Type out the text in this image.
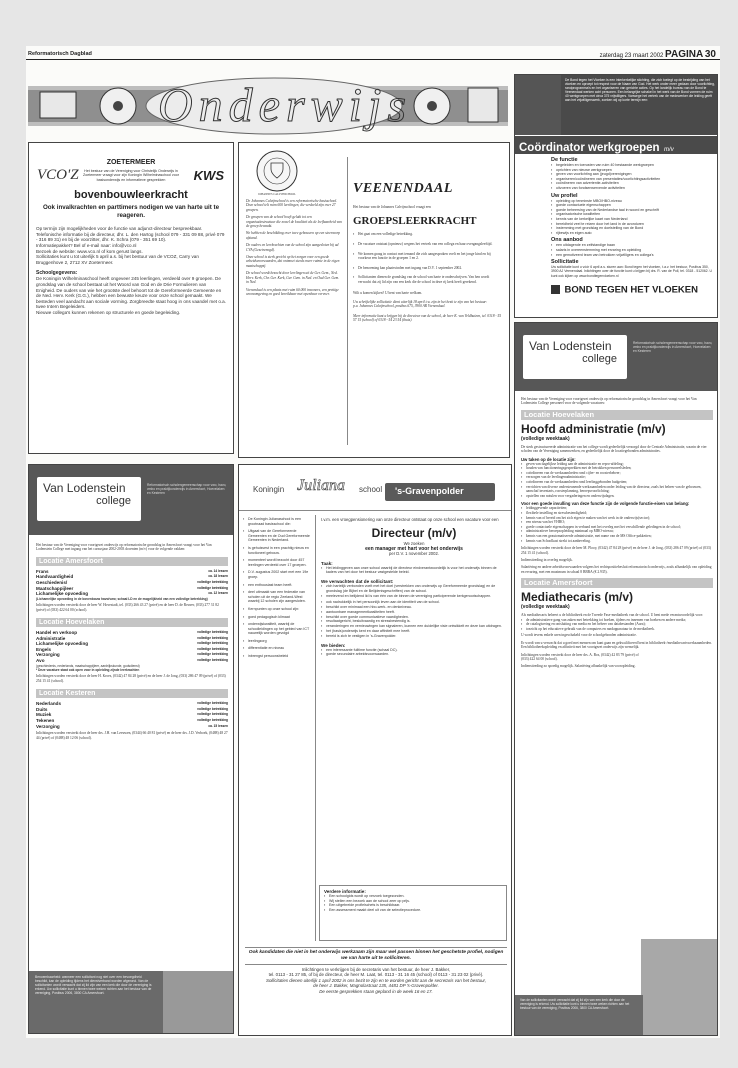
Reformatorisch Dagblad	zaterdag 23 maart 2002 PAGINA 30
Onderwijs
VCO'Z	KWS
ZOETERMEER
Het bestuur van de Vereniging voor Christelijk Onderwijs in Zoetermeer vraagt voor zijn Koningin Wilhelminaschool voor basisonderwijs en informatieve gesprekken
bovenbouwleerkracht
Ook invalkrachten en parttimers nodigen we van harte uit te reageren.
Op termijn zijn mogelijkheden voor de functie van adjunct-directeur bespreekbaar.
Telefonische informatie bij de directeur, dhr. L. den Hartog (school 079 - 331 09 88, privé 079 - 316 89 31) en bij de voorzitter, dhr. K. Schra (079 - 351 69 10).
Informatiepakket? Bel of e-mail naar: info@vco.nl
Bezoek de website: www.vco.nl of kom gerust langs.
Sollicitaties kunt u tot uiterlijk 5 april a.s. bij het bestuur van de VCOZ, Carry van Bruggenhove 2, 2712 XV Zoetermeer.
Schoolgegevens:
De Koningin Wilhelminaschool heeft ongeveer 245 leerlingen, verdeeld over 9 groepen. De grondslag van de school bestaat uit het Woord van God en de Drie Formulieren van Enigheid. De ouders van wie het grootste deel behoort tot de Gereformeerde Gemeente en de Ned. Herv. Kerk (G.G.), hebben een bewuste keuze voor onze school gemaakt. We besteden veel aandacht aan sociale vorming. Zorgbreedte staat hoog in ons vaandel met o.a. twee Intern Begeleiders.
Nieuwe collega's kunnen rekenen op structurele en goede begeleiding.
JOHANNES CALVIJNSCHOOL
De Johannes Calvijnschool is een reformatorische basisschool. Deze school telt ruim 600 leerlingen, die verdeeld zijn over 27 groepen.
De groepen van de school hoeft gelukt tot een organisatiestructuur die zowel de kwaliteit als de leefbaarheid van de groep bewaakt.
We hebben de beschikking over twee gebouwen op een steenworp afstand.
De ouders en leerkrachten van de school zijn aangesloten bij ad CVA (Gezetrenogd).
Onze school is sterk gericht op het zorgen voor een goede arbeidsvoorwaarden, dat ontmoet steeds meer ruimte in de eigen maatschappij.
De school wordt bezocht door leerlingen uit de Ger. Gem., Ned. Herv. Kerk, Chr. Ger. Kerk, Ger. Gem. in Ned. en Oud Ger. Gem. in Ned.
Veenendaal is een plaats met ruim 60.000 inwoners, een prettige woonomgeving en goed bereikbaar met openbaar vervoer.
VEENENDAAL
Het bestuur van de Johannes Calvijnschool vraagt een
GROEPSLEERKRACHT
▪ Het gaat om een volledige betrekking.
▪ De vacature ontstaat (opnieuw) wegens het vertrek van een collega en haar overgangsleeftijd.
▪ We komen graag in contact met iemand die zich aangesproken voelt en het jonge kind en bij voorkeur een functie in de groepen 1 en 2.
▪ De benoeming kan plaatsvinden met ingang van D.V. 1 september 2002.
▪ Sollicitanten dienen de grondslag van de school van harte te onderschrijven. Van hen wordt verwacht dat zij lid zijn van een kerk die de school in deze rij kerk heeft gerekend.
Wilt u komen kijken? U bent van harte welkom.
Uw schriftelijke sollicitatie dient uiterlijk 18 april t.w. zijn in het bezit te zijn van het bestuur:
p.a. Johannes Calvijnschool, postbus 675, 3900 AR Veenendaal.
Meer informatie kunt u krijgen bij de directeur van de school, de heer K. van Veldhuizen, tel. 0318 - 55 57 15 (school) of 0318 - 54 23 54 (thuis).
De Bond tegen het Vloeken is een interkerkelijke stichting, die zich toelegt op de bestrijding van het vloeken en oproept tot respect voor de Naam van God. Het werk onder meer gedaan door voorlichting, randprogramma's en het organiseren van gerichte acties. Op het landelijk bureau van de Bond te Veenendaal werken acht personen. Een belangrijke schakel in het werk van de Bond vormen de ruim 40 werkgroepen met circa 375 vrijwilligers. Vanwege het vertrek van de medewerker die leiding geeft aan het vrijwilligerswerk, zoeken wij op korte termijn een:
Coördinator werkgroepen m/v
De functie
▪ begeleiden en toerusten van ruim 40 bestaande werkgroepen
▪ oprichten van nieuwe werkgroepen
▪ geven van voorlichting aan (jeugd)verenigingen
▪ organiseren/coördineren van presentaties/voorlichtingsactiviteiten
▪ coördineren van advertentie-activiteiten
▪ uitvoeren van fondsenwervende activiteiten
Uw profiel
▪ opleiding op tenminste MBO/HBO-niveau
▪ goede contactuele eigenschappen
▪ goede beheersing van de Nederlandse taal in woord en geschrift
▪ organisatorische kwaliteiten
▪ kennis van de kerkelijke kaart van Nederland
▪ bereidheid veel te reizen door het land in de avonduren
▪ instemming met grondslag en doelstelling van de Bond
▪ rijbewijs en eigen auto
Ons aanbod
▪ een uitdagende en zelfstandige baan
▪ salaris in overeenstemming met ervaring en opleiding
▪ een gemotiveerd team van betrokken vrijwilligers en collega's
Sollicitatie
Uw sollicitatie kunt u vóór 6 april a.s. sturen aan: Bond tegen het vloeken, t.a.v. het bestuur, Postbus 350, 3900 AJ Veenendaal. Inlichtingen over de functie kunt u krijgen bij drs. R. van de Poll, tel. 0318 - 512062. U kunt ook kijken op www.bondtegenvloeken.nl
BOND TEGEN HET VLOEKEN
Van Lodenstein
college
Reformatorisch scholengemeenschap voor vwo, havo, vmbo en praktijkonderwijs in Amersfoort, Hoevelaken en Kesteren
Het bestuur van de Vereniging voor voortgezet onderwijs op reformatorische grondslag in Amersfoort vraagt voor het Van Lodenstein College met ingang van het cursusjaar 2002-2003 docenten (m/v) voor de volgende vakken:
Locatie Amersfoort
Frans	ca. 14 lessen
Handvaardigheid	ca. 18 lessen
Geschiedenis/	volledige betrekking
Maatschappijleer	volledige betrekking
Lichamelijke opvoeding	ca. 12 lessen
(Lichamelijke opvoeding in de bovenbouw havo/vwo; schaal LD en de mogelijkheid van een volledige betrekking)
Inlichtingen worden verstrekt door de heer W. Hovestadt, tel. (033) 266 43 27 (privé) en de heer D. de Reuver, (033) 277 31 82 (privé) of (033) 422 64 00 (school).
Locatie Hoevelaken
Handel en verkoop	volledige betrekking
Administratie	volledige betrekking
Lichamelijke opvoeding	volledige betrekking
Engels	volledige betrekking
Verzorging	volledige betrekking
Avo	volledige betrekking
(geschiedenis, nederlands, maatschappijleer, aardrijkskunde, godsdienst)
* Deze vacature staat ook open voor in opleiding zijnde leerkrachten
Inlichtingen worden verstrekt door de heer H. Kroes, (0342) 47 84 28 (privé) en de heer J. de Jong, (033) 286 47 09 (privé) of (033) 254 15 41 (school).
Locatie Kesteren
Nederlands	volledige betrekking
Duits	volledige betrekking
Muziek	volledige betrekking
Tekenen	volledige betrekking
Verzorging	ca. 15 lessen
Inlichtingen worden verstrekt door de heer drs. J.H. van Leeuwen, (0344) 66 40 81 (privé) en de heer drs. J.D. Verhoek, (0488) 48 27 44 (privé) of (0488) 48 12 06 (school).
Benoembaarheid: wanneer een sollicitant nog niet over een bevoegdheid beschikt, kan de opleiding tijdens het dienstverband worden afgerond. Van de sollicitanten wordt verwacht dat zij lid zijn van een kerk die door de vereniging is erkend. Uw sollicitatie kunt u binnen twee weken richten aan het bestuur van de vereniging, Postbus 2006, 3800 CA Amersfoort.
Koningin Juliana school 's-Gravenpolder
▪ De Koningin Julianaschool is een grootnaad basisschool die:
▪ Uitgaat van de Gereformeerde Gemeenten en de Oud Gereformeerde Gemeenten in Nederland.
▪ Is gehuisvest in een prachtig nieuw en functioneel gebouw.
▪ momenteel wordt bezocht door 457 leerlingen verdeeld over 17 groepen.
▪ D.V. augustus 2002 start met een 19e groep.
▪ een enthousiast team heeft.
▪ deel uitmaakt van een federatie van scholen uit de regio Zeeland-West waarbij 12 scholen zijn aangesloten.
▪ Kernpunten op onze school zijn:
▪ goed pedagogisch klimaat
▪ onderwijskwaliteit, waarbij de schoolleidingen op het gebied van ICT nauwelijk worden gevolgd
▪ leerlingzorg
▪ differentiatie en niveau
▪ inbrengst persoonsbeleid
I.v.m. een vroegpensionering van onze directeur ontstaat op onze school een vacature voor een
Directeur (m/v)
We zoeken
een manager met hart voor het onderwijs
per D.V. 1 november 2002.
Taak:
▪ Het leidinggeven aan onze school waarbij de directeur eindverantwoordelijk is voor het onderwijs binnen de kaders van het door het bestuur vastgestelde beleid.
We verwachten dat de sollicitant:
▪ zich hartelijk verbonden voelt met het doel (verstrekken van onderwijs op Gereformeerde grondslag) en de grondslag (de Bijbel en de Belijdenisgeschriften) van de school.
▪ meelevend en belijdend lid is van één van de binnen de vereniging participerende kerkgenootschappen.
▪ ook nadrukkelijk in het persoonlijk leven aan de identiteit van de school.
▪ beschikt over minimaal een hbo-werk- en denkniveau.
▪ aantoonbare managementkwaliteiten heeft.
▪ beschikt over goede communicatieve vaardigheden.
▪ resultaatgericht, besluitvaardig en stressbestendig is.
▪ veranderingen en vernieuwingen kan signaleren, kunnen een duidelijke visie ontwikkelt en deze kan uitdragen.
▪ het (basis)onderwijs kent en daar affiniteit mee heeft.
▪ bereid is zich te vestigen in 's-Gravenpolder.
We bieden:
▪ een interessante fulltime functie (schaal DC).
▪ goede secundaire arbeidsvoorwaarden.
Verdere informatie:
▪ Een schoolgids wordt op verzoek toegezonden.
▪ Wij stellen een bezoek aan de school zeer op prijs.
▪ Een uitgebreide profielschets is beschikbaar.
▪ Een assessment maakt deel uit van de selectieprocedure.
Ook kandidaten die niet in het onderwijs werkzaam zijn maar wel passen binnen het geschetste profiel, nodigen we van harte uit te solliciteren.
Inlichtingen te verkrijgen bij de secretaris van het bestuur, de heer J. Bakker,
tel. 0113 - 31 27 85, of bij de directeur, de heer M. Laat, tel. 0113 - 31 16 45 (school) of 0113 - 31 23 02 (privé).
Sollicitaties dienen uiterlijk 1 april 2002 in ons bezit te zijn en te worden gericht aan de secretaris van het bestuur,
de heer J. Bakker, Magnolastraat 135, 4481 DP 's-Gravenpolder.
De eerste gesprekken staan gepland in de week 16 en 17.
Van Lodenstein
college
Reformatorisch scholengemeenschap voor vwo, havo, vmbo en praktijkonderwijs in Amersfoort, Hoevelaken en Kesteren
Het bestuur van de Vereniging voor voortgezet onderwijs op reformatorische grondslag in Amersfoort vraagt voor het Van Lodenstein College personeel voor de volgende vacatures:
Locatie Hoevelaken
Hoofd administratie (m/v)
(volledige weektaak)
De sterk gestructureerde administratie van het college wordt gedeeltelijk verzorgd door de Centrale Administratie, waarin de vier scholen van de Vereniging samenwerken, en gedeeltelijk door de locatiegebonden administraties.
Uw taken op de locatie zijn:
▪ geven van dagelijkse leiding aan de administratie en repro-afdeling;
▪ houden van functioneringsgesprekken met de betrokken personeelsleden;
▪ coördineren van de werkzaamheden rond cijfer- en roosterbeheer;
▪ verzorgen van de leerlingenadministratie;
▪ coördineren van de werkzaamheden rond leerlinggebonden budgetten;
▪ verrichten van diverse ondersteunende werkzaamheden onder leiding van de directeur, zoals het beheer van de gebouwen, aanschaf inventaris, roosterplanning, beroepsvoorlichting;
▪ opstellen van notulen voor vergaderingen en onderwijsdagen.
Voor een goede invulling van deze functie zijn de volgende functie-eisen van belang:
▪ leidinggevende capaciteiten;
▪ flexibele instelling en stressbestendigheid;
▪ kennis van of bereid om het zich eigen te maken van het werk in de onderwijs(sector);
▪ een niveau van het VHBO;
▪ goede contactuele eigenschappen in verband met het overleg met het verschillende geledingen in de school;
▪ administratieve beroepsopleiding minimaal op MBO-niveau;
▪ kennis van een geautomatiseerde administratie, met name van de MS Office-pakketten;
▪ kennis van Schoolkast strekt tot aanbeveling.
Inlichtingen worden verstrekt door de heer M. Plooy, (0342) 47 84 28 (privé) en de heer J. de Jong, (033) 286 47 09 (privé) of (033) 254 15 41 (school).
Indiensttreding in overleg mogelijk.
Salariëring en andere arbeidsvoorwaarden volgens het rechtspositiebesluit reformatorisch onderwijs, zoals afhankelijk van opleiding en ervaring, met een maximum in schaal 8 BBRA (€ 2.935).
Locatie Amersfoort
Mediathecaris (m/v)
(volledige weektaak)
Als mediathecaris beheert u de bibliotheek en de Tweede Fase-mediatheek van de school. U bent mede verantwoordelijk voor:
▪ de administratieve gang van zaken met betrekking tot boeken, tijdens en innemen van boeken en andere media;
▪ de catalogisering en ontsluiting van media en het beheer van databestanden (Aura);
▪ toezicht op het educatieve gebruik van de computers en randapparatuur in de mediatheek.
U wordt tevens enkele uren ingeschakeld voor de schoolgebonden administratie.
Er wordt van u verwacht dat u goed met mensen om kunt gaan en gekwalificeerd bent in bibliotheek-/mediathecariswerkzaamheden. Een bibliotheekopleiding en affiniteit met het voortgezet onderwijs zijn wenselijk.
Inlichtingen worden verstrekt door de heer drs. A. Bos, (0342) 42 83 79 (privé) of (033) 422 64 00 (school).
Indiensttreding zo spoedig mogelijk. Salariëring afhankelijk van vooropleiding.
Van de sollicitanten wordt verwacht dat zij lid zijn van een kerk die door de vereniging is erkend. Uw sollicitatie kunt u binnen twee weken richten aan het bestuur van de vereniging, Postbus 2006, 3800 CA Amersfoort.
